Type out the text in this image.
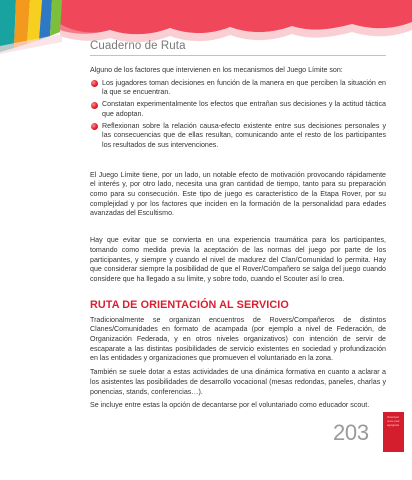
Cuaderno de Ruta

Alguno de los factores que intervienen en los mecanismos del Juego Límite son:

Los jugadores toman decisiones en función de la manera en que perciben la situación en la que se encuentran.
Constatan experimentalmente los efectos que entrañan sus decisiones y la actitud táctica que adoptan.
Reflexionan sobre la relación causa-efecto existente entre sus decisiones personales y las consecuencias que de ellas resultan, comunicando ante el resto de los participantes los resultados de sus intervenciones.

El Juego Límite tiene, por un lado, un notable efecto de motivación provocando rápidamente el interés y, por otro lado, necesita una gran cantidad de tiempo, tanto para su preparación como para su consecución. Este tipo de juego es característico de la Etapa Rover, por su complejidad y por los factores que inciden en la formación de la personalidad para edades avanzadas del Escultismo.

Hay que evitar que se convierta en una experiencia traumática para los participantes, tomando como medida previa la aceptación de las normas del juego por parte de los participantes, y siempre y cuando el nivel de madurez del Clan/Comunidad lo permita. Hay que considerar siempre la posibilidad de que el Rover/Compañero se salga del juego cuando considere que ha llegado a su límite, y sobre todo, cuando el Scouter así lo crea.

RUTA DE ORIENTACIÓN AL SERVICIO

Tradicionalmente se organizan encuentros de Rovers/Compañeros de distintos Clanes/Comunidades en formato de acampada (por ejemplo a nivel de Federación, de Organización Federada, y en otros niveles organizativos) con intención de servir de escaparate a las distintas posibilidades de servicio existentes en sociedad y profundización en las entidades y organizaciones que promueven el voluntariado en la zona.

También se suele dotar a estas actividades de una dinámica formativa en cuanto a aclarar a los asistentes las posibilidades de desarrollo vocacional (mesas redondas, paneles, charlas y ponencias, stands, conferencias…).

Se incluye entre estas la opción de decantarse por el voluntariado como educador scout.

203
Orientaciones pedagógicas
